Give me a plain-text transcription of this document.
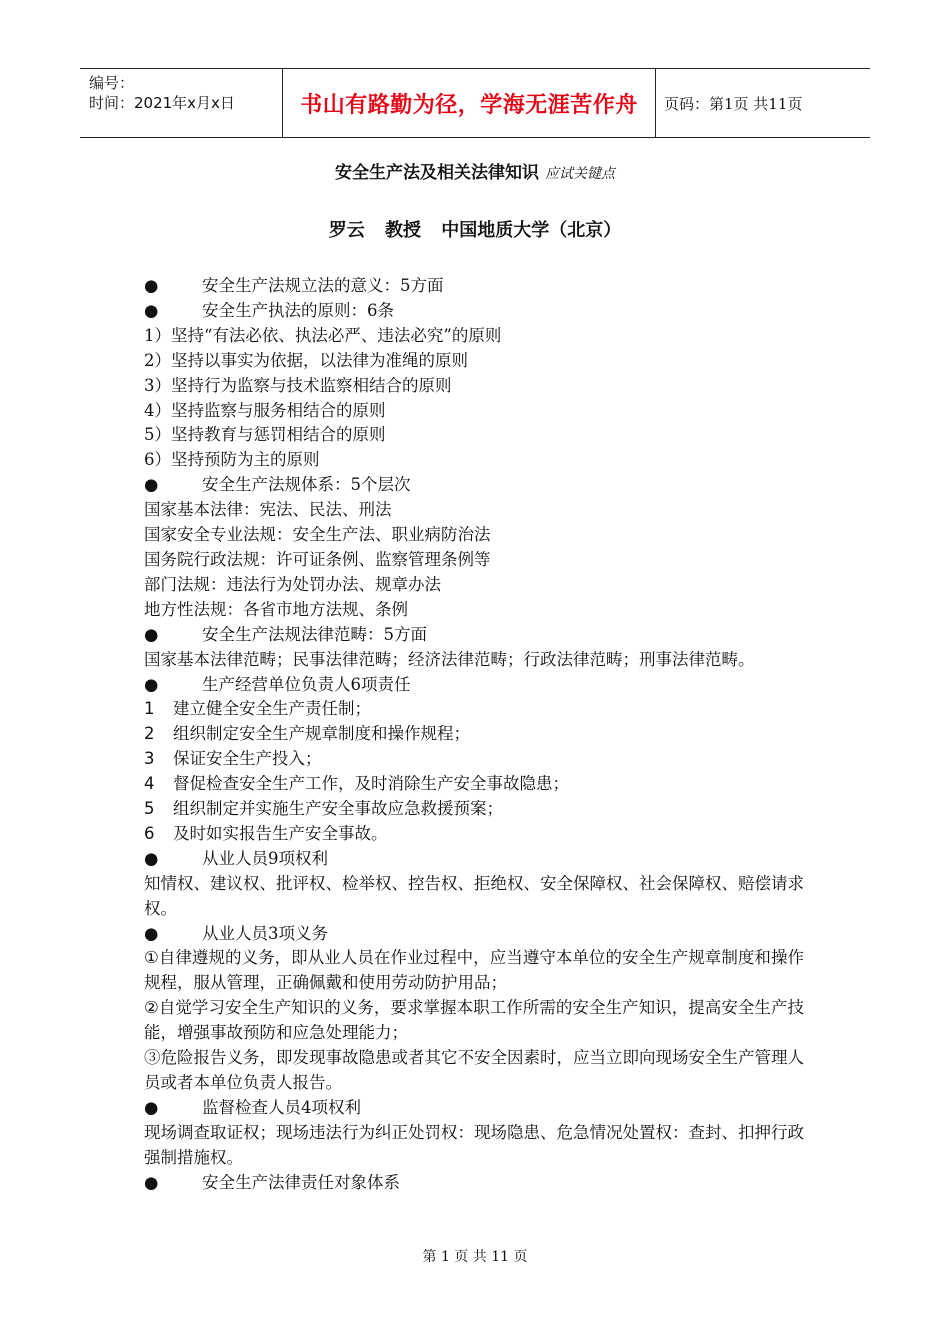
编号：
时间：2021年x月x日	书山有路勤为径，学海无涯苦作舟	页码：第1页 共11页
安全生产法及相关法律知识 应试关键点
罗云 教授 中国地质大学（北京）
●	安全生产法规立法的意义：5方面
●	安全生产执法的原则：6条
1）坚持“有法必依、执法必严、违法必究”的原则
2）坚持以事实为依据，以法律为准绳的原则
3）坚持行为监察与技术监察相结合的原则
4）坚持监察与服务相结合的原则
5）坚持教育与惩罚相结合的原则
6）坚持预防为主的原则
●	安全生产法规体系：5个层次
国家基本法律：宪法、民法、刑法
国家安全专业法规：安全生产法、职业病防治法
国务院行政法规：许可证条例、监察管理条例等
部门法规：违法行为处罚办法、规章办法
地方性法规：各省市地方法规、条例
●	安全生产法规法律范畴：5方面
国家基本法律范畴；民事法律范畴；经济法律范畴；行政法律范畴；刑事法律范畴。
●	生产经营单位负责人6项责任
1 建立健全安全生产责任制；
2 组织制定安全生产规章制度和操作规程；
3 保证安全生产投入；
4 督促检查安全生产工作，及时消除生产安全事故隐患；
5 组织制定并实施生产安全事故应急救援预案；
6 及时如实报告生产安全事故。
●	从业人员9项权利
知情权、建议权、批评权、检举权、控告权、拒绝权、安全保障权、社会保障权、赔偿请求权。
●	从业人员3项义务
①自律遵规的义务，即从业人员在作业过程中，应当遵守本单位的安全生产规章制度和操作规程，服从管理，正确佩戴和使用劳动防护用品；
②自觉学习安全生产知识的义务，要求掌握本职工作所需的安全生产知识，提高安全生产技能，增强事故预防和应急处理能力；
③危险报告义务，即发现事故隐患或者其它不安全因素时，应当立即向现场安全生产管理人员或者本单位负责人报告。
●	监督检查人员4项权利
现场调查取证权；现场违法行为纠正处罚权：现场隐患、危急情况处置权：查封、扣押行政强制措施权。
●	安全生产法律责任对象体系
第 1 页 共 11 页
